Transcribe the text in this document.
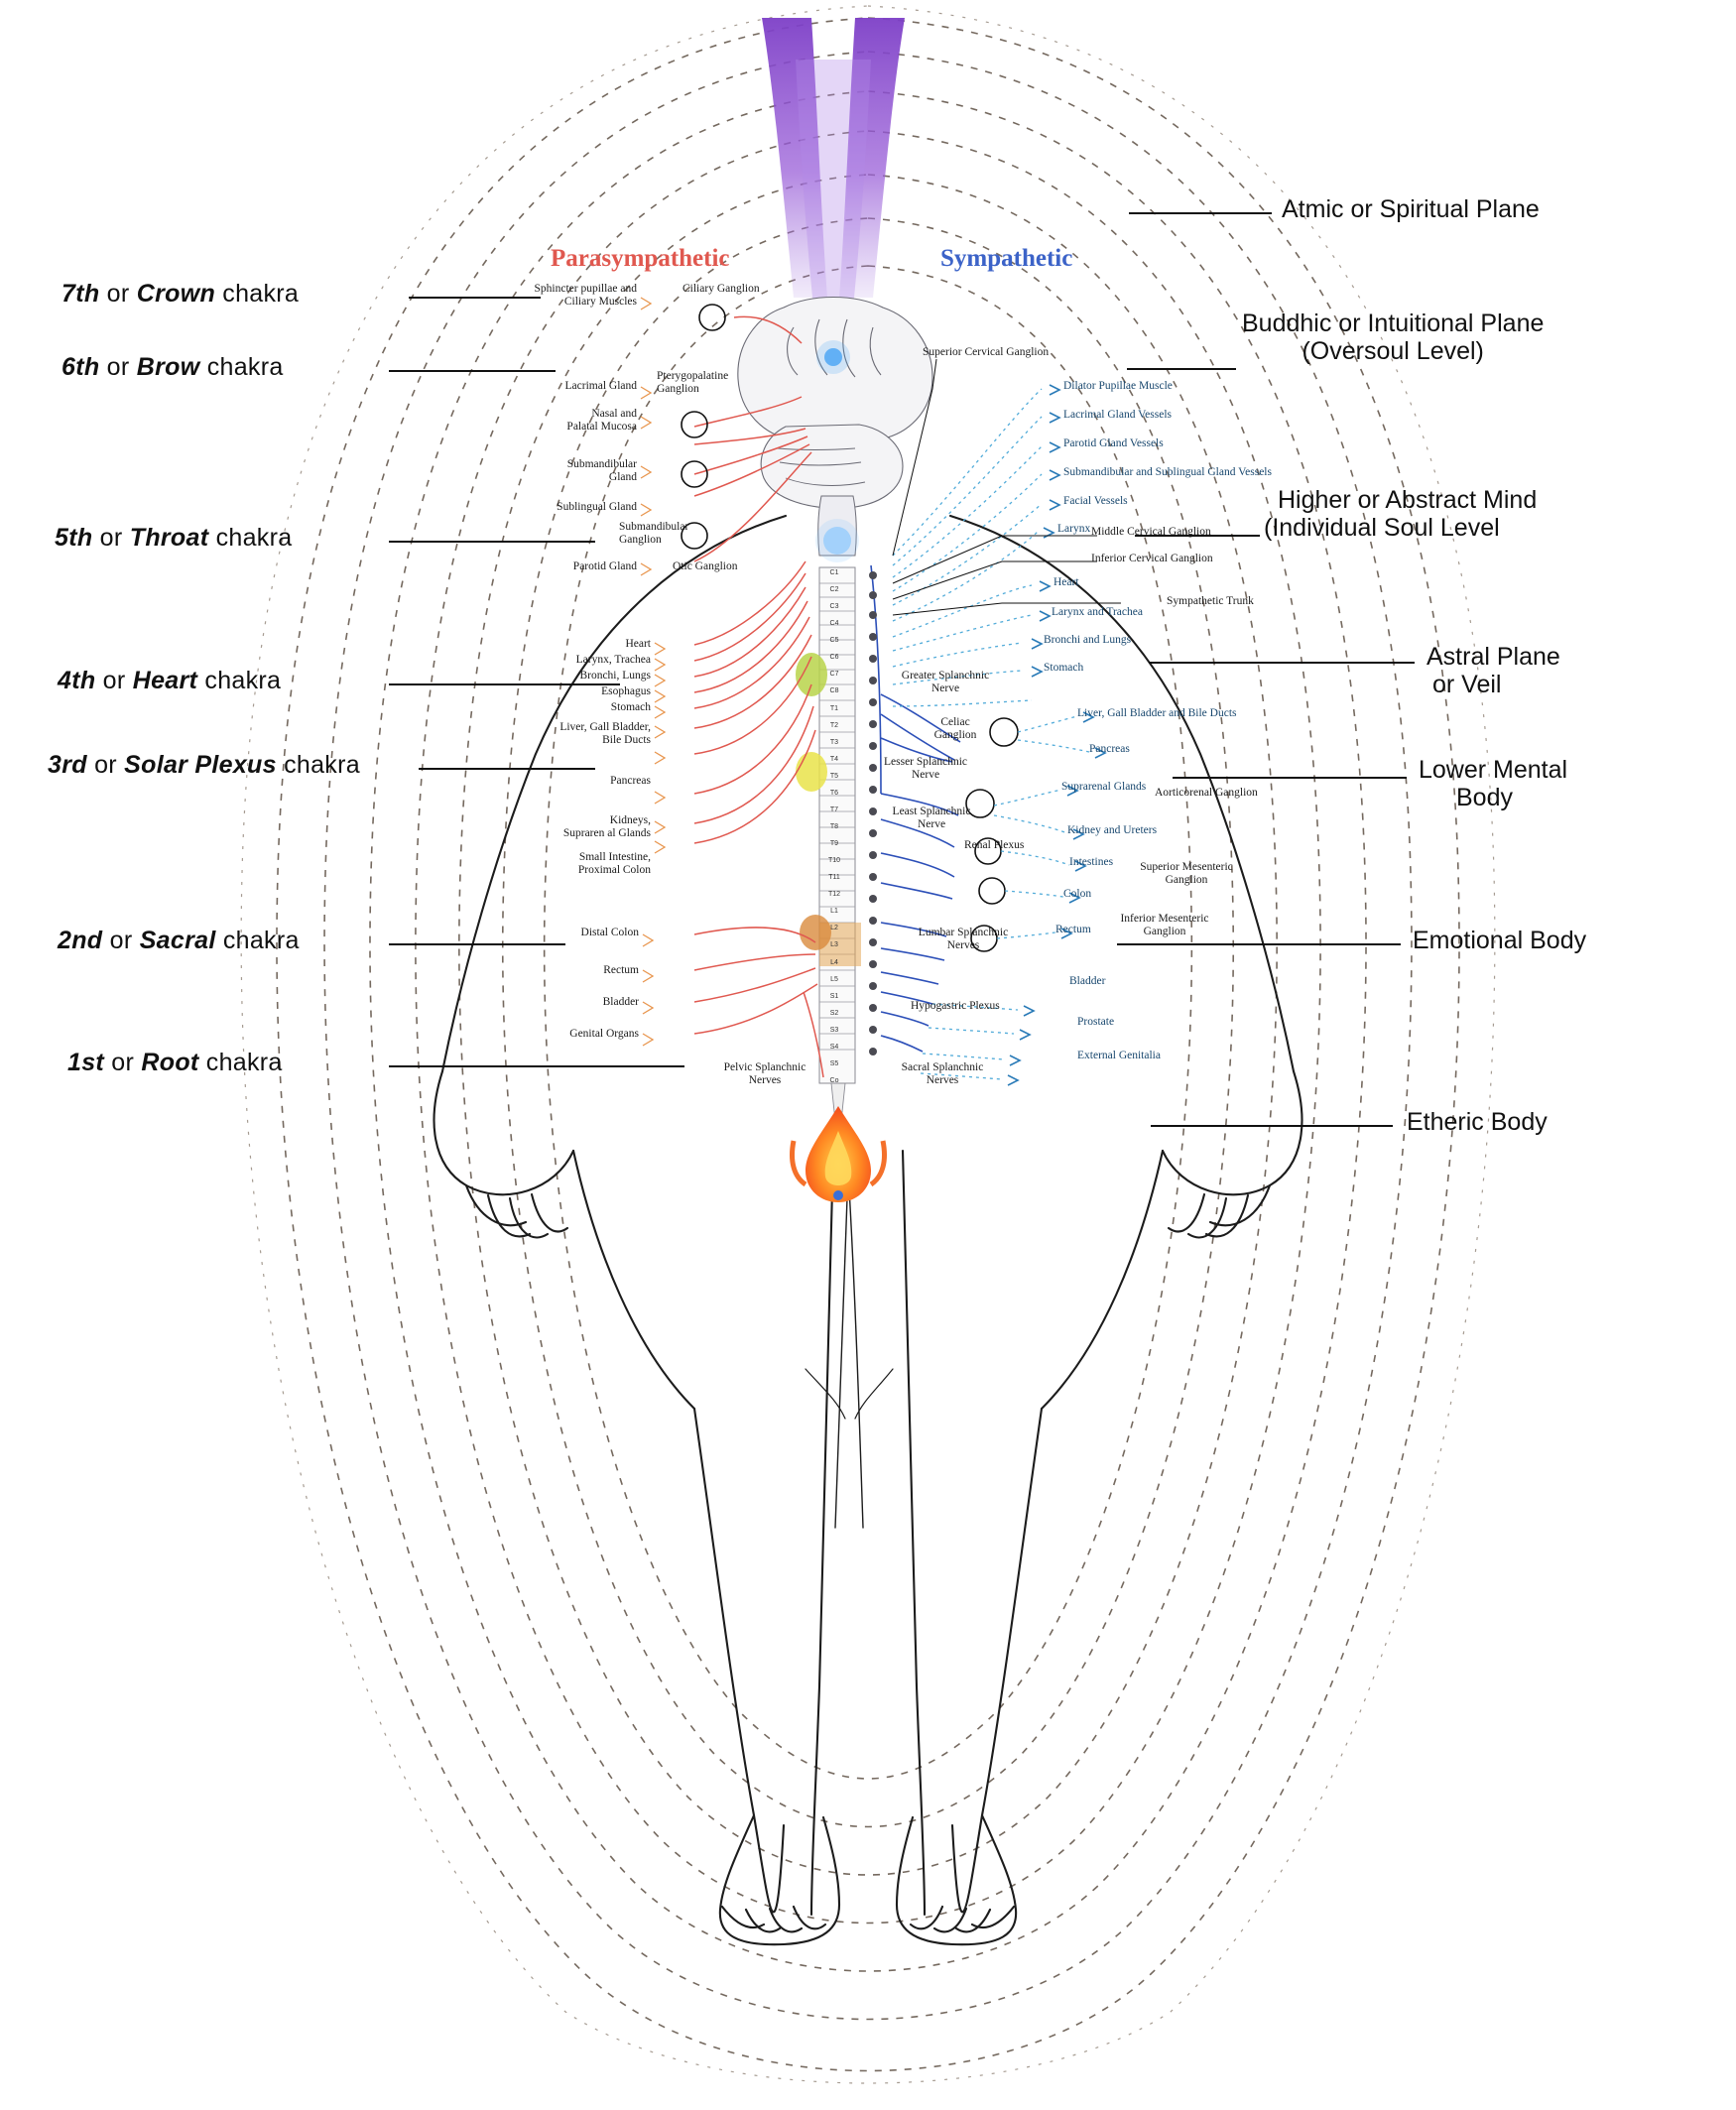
Parasympathetic	Sympathetic
7th or Crown chakra
6th or Brow chakra
5th or Throat chakra
4th or Heart chakra
3rd or Solar Plexus chakra
2nd or Sacral chakra
1st or Root chakra
Atmic or Spiritual Plane
Buddhic or Intuitional Plane
(Oversoul Level)
Higher or Abstract Mind
(Individual Soul Level
Astral Plane
or Veil
Lower Mental
Body
Emotional Body
Etheric Body
Sphincter pupillae and
Ciliary Muscles
Lacrimal Gland
Nasal and
Palatal Mucosa
Submandibular
Gland
Sublingual Gland
Parotid Gland
Heart
Larynx, Trachea
Bronchi, Lungs
Esophagus
Stomach
Liver, Gall Bladder,
Bile Ducts
Pancreas
Kidneys,
Supraren al Glands
Small Intestine,
Proximal Colon
Distal Colon
Rectum
Bladder
Genital Organs
Ciliary Ganglion
Pterygopalatine
Ganglion
Submandibular
Ganglion
Otic Ganglion
Pelvic Splanchnic
Nerves
Superior Cervical Ganglion
Middle Cervical Ganglion
Inferior Cervical Ganglion
Sympathetic Trunk
Greater Splanchnic
Nerve
Celiac
Ganglion
Lesser Splanchnic
Nerve
Least Splanchnic
Nerve
Renal Plexus
Lumbar Splanchnic
Nerves
Hypogastric Plexus
Sacral Splanchnic
Nerves
Aorticorenal Ganglion
Superior Mesenteric
Ganglion
Inferior Mesenteric
Ganglion
Dilator Pupillae Muscle
Lacrimal Gland Vessels
Parotid Gland Vessels
Submandibular and Sublingual Gland Vessels
Facial Vessels
Larynx
Heart
Larynx and Trachea
Bronchi and Lungs
Stomach
Liver, Gall Bladder and Bile Ducts
Pancreas
Suprarenal Glands
Kidney and Ureters
Intestines
Colon
Rectum
Bladder
Prostate
External Genitalia
C1
C2
C3
C4
C5
C6
C7
C8
T1
T2
T3
T4
T5
T6
T7
T8
T9
T10
T11
T12
L1
L2
L3
L4
L5
S1
S2
S3
S4
S5
Co
